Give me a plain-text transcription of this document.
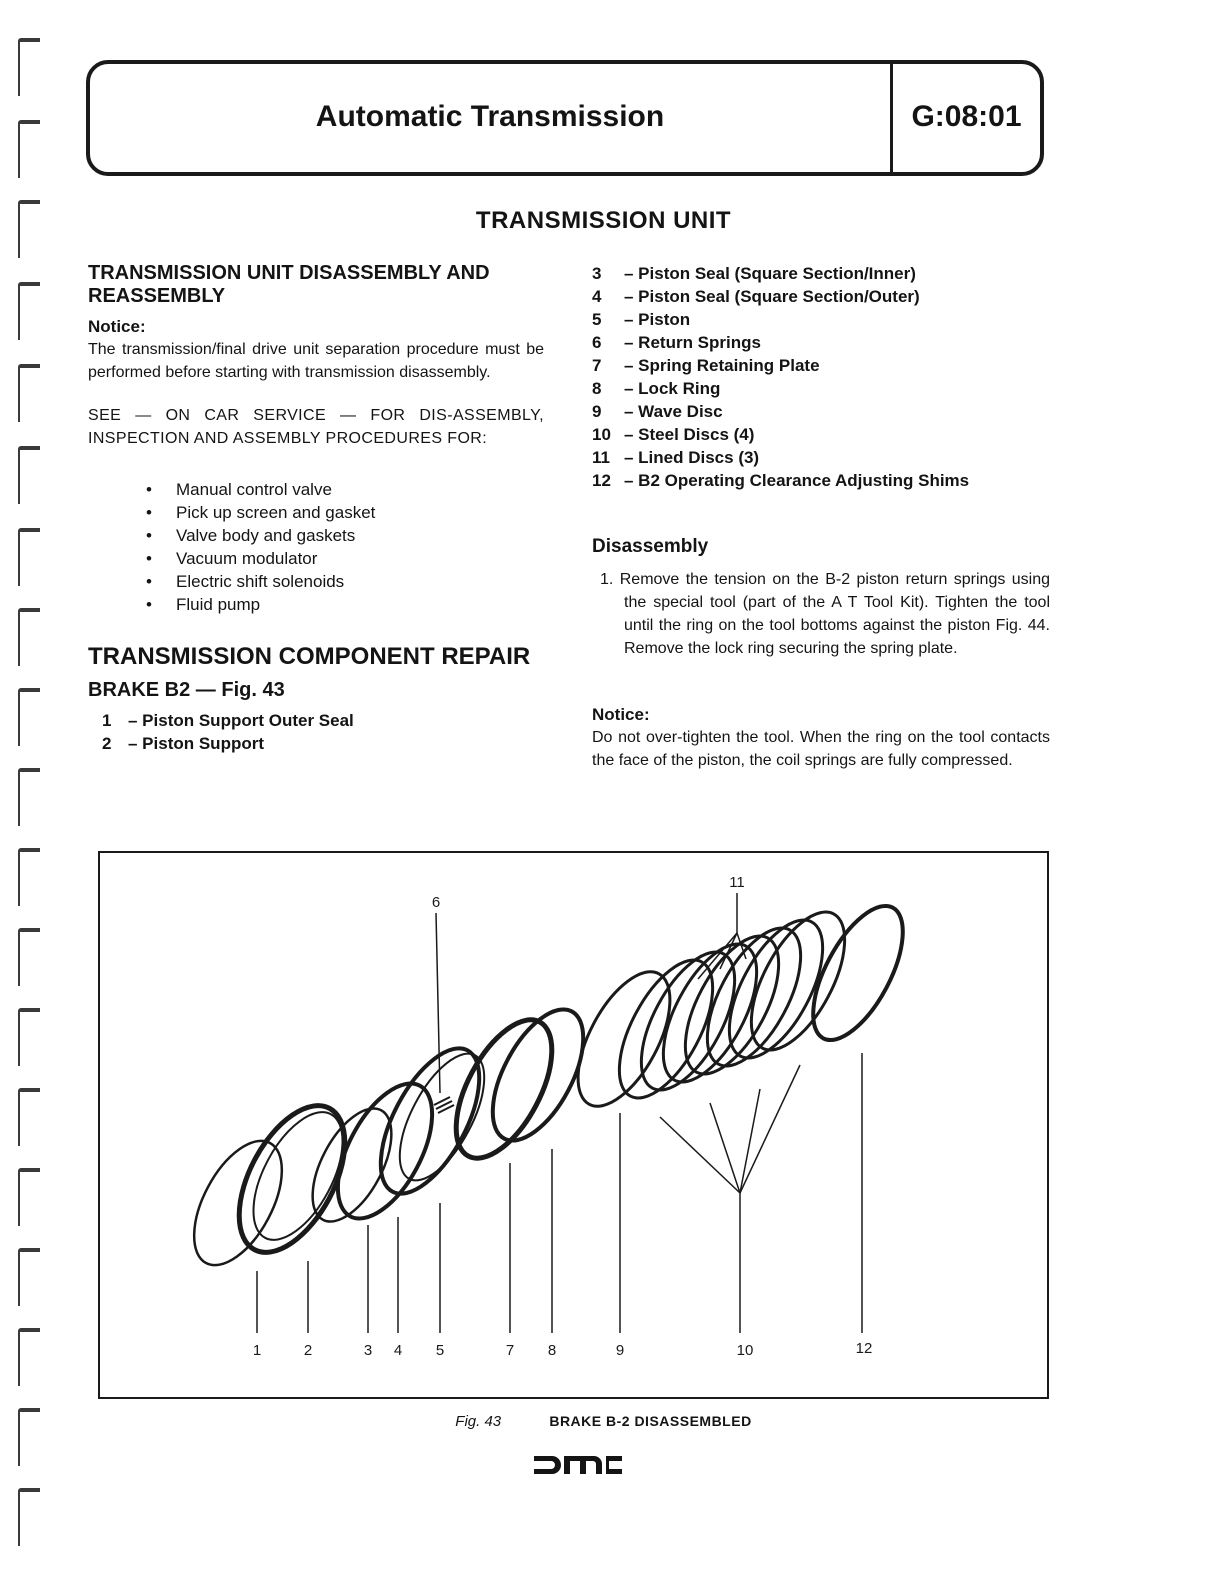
Automatic Transmission	G:08:01
TRANSMISSION UNIT
TRANSMISSION UNIT DISASSEMBLY AND REASSEMBLY
Notice:

The transmission/final drive unit separation procedure must be performed before starting with transmission disassembly.

SEE — ON CAR SERVICE — FOR DIS-ASSEMBLY, INSPECTION AND ASSEMBLY PROCEDURES FOR:

• Manual control valve
• Pick up screen and gasket
• Valve body and gaskets
• Vacuum modulator
• Electric shift solenoids
• Fluid pump
TRANSMISSION COMPONENT REPAIR
BRAKE B2 — Fig. 43
1 – Piston Support Outer Seal
2 – Piston Support
3	– Piston Seal (Square Section/Inner)
4	– Piston Seal (Square Section/Outer)
5	– Piston
6	– Return Springs
7	– Spring Retaining Plate
8	– Lock Ring
9	– Wave Disc
10 – Steel Discs (4)
11 – Lined Discs (3)
12 – B2 Operating Clearance Adjusting Shims
Disassembly

1. Remove the tension on the B-2 piston return springs using the special tool (part of the A T Tool Kit). Tighten the tool until the ring on the tool bottoms against the piston Fig. 44. Remove the lock ring securing the spring plate.

Notice:

Do not over-tighten the tool. When the ring on the tool contacts the face of the piston, the coil springs are fully compressed.

1	2	3 4 5
6
7 8	9	10
11
12
Fig. 43	BRAKE B-2 DISASSEMBLED
